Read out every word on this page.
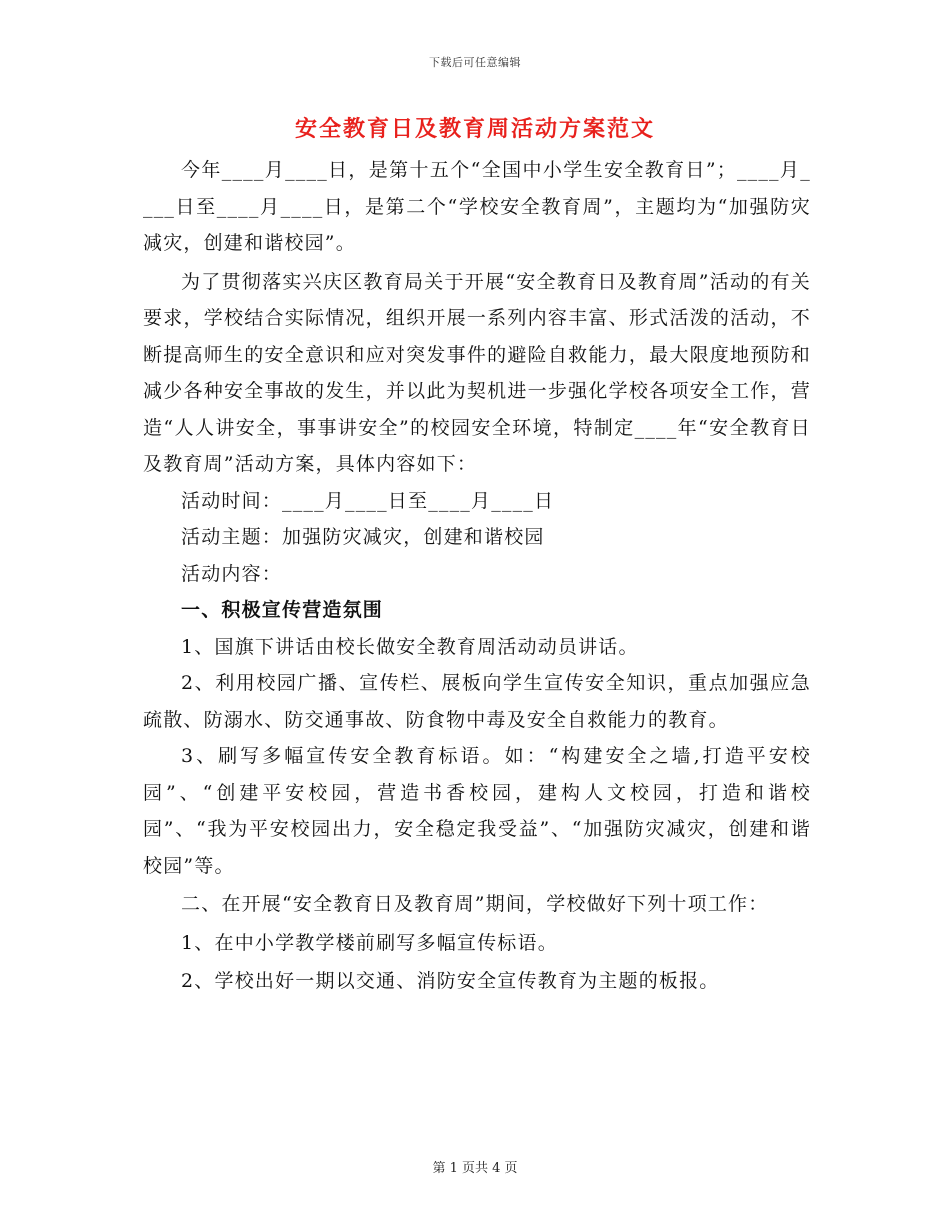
下载后可任意编辑
安全教育日及教育周活动方案范文

今年____月____日，是第十五个“全国中小学生安全教育日”；____月____日至____月____日，是第二个“学校安全教育周”，主题均为“加强防灾减灾，创建和谐校园”。

为了贯彻落实兴庆区教育局关于开展“安全教育日及教育周”活动的有关要求，学校结合实际情况，组织开展一系列内容丰富、形式活泼的活动，不断提高师生的安全意识和应对突发事件的避险自救能力，最大限度地预防和减少各种安全事故的发生，并以此为契机进一步强化学校各项安全工作，营造“人人讲安全，事事讲安全”的校园安全环境，特制定____年“安全教育日及教育周”活动方案，具体内容如下：

活动时间：____月____日至____月____日

活动主题：加强防灾减灾，创建和谐校园

活动内容：

一、积极宣传营造氛围

1、国旗下讲话由校长做安全教育周活动动员讲话。

2、利用校园广播、宣传栏、展板向学生宣传安全知识，重点加强应急疏散、防溺水、防交通事故、防食物中毒及安全自救能力的教育。

3、刷写多幅宣传安全教育标语。如：“构建安全之墙,打造平安校园”、“创建平安校园，营造书香校园，建构人文校园，打造和谐校园”、“我为平安校园出力，安全稳定我受益”、“加强防灾减灾，创建和谐校园”等。

二、在开展“安全教育日及教育周”期间，学校做好下列十项工作：

1、在中小学教学楼前刷写多幅宣传标语。

2、学校出好一期以交通、消防安全宣传教育为主题的板报。

第 1 页共 4 页
